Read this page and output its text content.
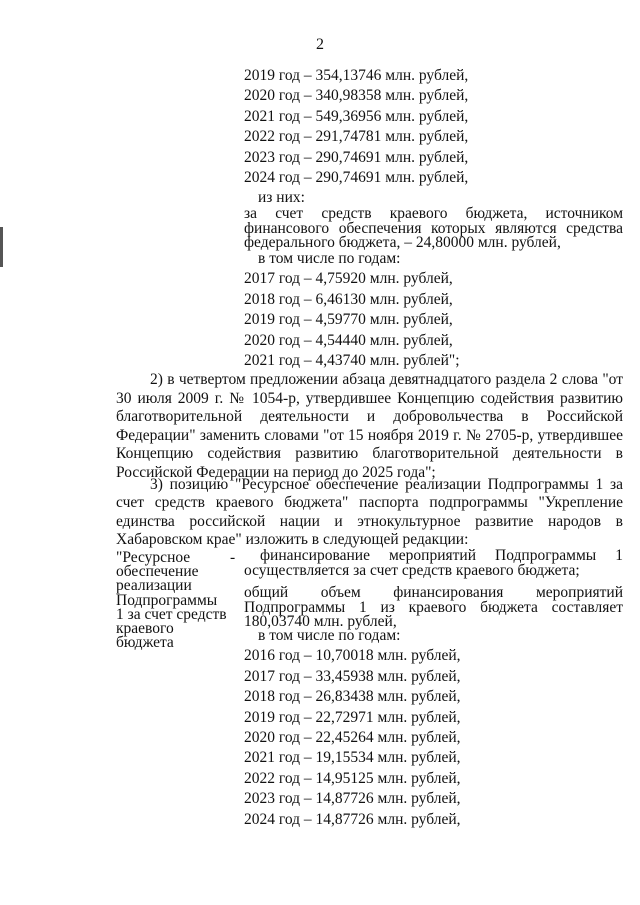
2
2019 год – 354,13746 млн. рублей,
2020 год – 340,98358 млн. рублей,
2021 год – 549,36956 млн. рублей,
2022 год – 291,74781 млн. рублей,
2023 год – 290,74691 млн. рублей,
2024 год – 290,74691 млн. рублей,
из них:
за счет средств краевого бюджета, источником финансового обеспечения которых являются средства федерального бюджета, – 24,80000 млн. рублей,
в том числе по годам:
2017 год – 4,75920 млн. рублей,
2018 год – 6,46130 млн. рублей,
2019 год – 4,59770 млн. рублей,
2020 год – 4,54440 млн. рублей,
2021 год – 4,43740 млн. рублей";
2) в четвертом предложении абзаца девятнадцатого раздела 2 слова "от 30 июля 2009 г. № 1054-р, утвердившее Концепцию содействия развитию благотворительной деятельности и добровольчества в Российской Федерации" заменить словами "от 15 ноября 2019 г. № 2705-р, утвердившее Концепцию содействия развитию благотворительной деятельности в Российской Федерации на период до 2025 года";
3) позицию "Ресурсное обеспечение реализации Подпрограммы 1 за счет средств краевого бюджета" паспорта подпрограммы "Укрепление единства российской нации и этнокультурное развитие народов в Хабаровском крае" изложить в следующей редакции:
"Ресурсное обеспечение реализации Подпрограммы 1 за счет средств краевого бюджета
-	финансирование мероприятий Подпрограммы 1 осуществляется за счет средств краевого бюджета;
общий объем финансирования мероприятий Подпрограммы 1 из краевого бюджета составляет 180,03740 млн. рублей,
в том числе по годам:
2016 год – 10,70018 млн. рублей,
2017 год – 33,45938 млн. рублей,
2018 год – 26,83438 млн. рублей,
2019 год – 22,72971 млн. рублей,
2020 год – 22,45264 млн. рублей,
2021 год – 19,15534 млн. рублей,
2022 год – 14,95125 млн. рублей,
2023 год – 14,87726 млн. рублей,
2024 год – 14,87726 млн. рублей,
